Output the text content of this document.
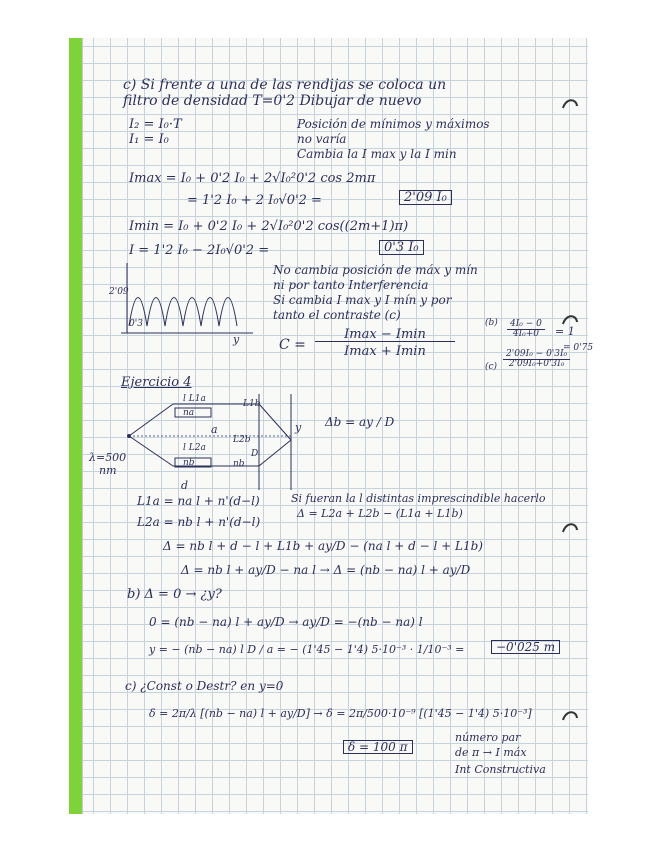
c) Si frente a una de las rendijas se coloca un
filtro de densidad T=0'2 Dibujar de nuevo
I₂ = I₀·T
I₁ = I₀
Posición de mínimos y máximos
no varía
Cambia la I max y la I min
Imax = I₀ + 0'2 I₀ + 2√I₀²0'2 cos 2mπ
= 1'2 I₀ + 2 I₀√0'2 =	2'09 I₀
Imin = I₀ + 0'2 I₀ + 2√I₀²0'2 cos((2m+1)π)
I = 1'2 I₀ − 2I₀√0'2 =	0'3 I₀
2'09
0'3
y
No cambia posición de máx y mín
ni por tanto Interferencia
Si cambia I max y I mín y por
tanto el contraste (c)
C =
Imax − Imin
Imax + Imin
(b)
(c)
$\frac{\text{4I₀ − 0}}{\text{4I₀+0}} = 1$
$\frac{\text{2'09I₀ − 0'3I₀}}{\text{2'09I₀+0'3I₀}}$
= 0'75
Ejercicio 4
l L1a
na
L1b
a	y
l L2a
nb	nb
L2b
D
d
λ=500
nm
Δb = ay / D
L1a = na l + n'(d−l)
L2a = nb l + n'(d−l)
Si fueran la l distintas imprescindible hacerlo
Δ = L2a + L2b − (L1a + L1b)
Δ = nb l + d − l + L1b + ay/D − (na l + d − l + L1b)
Δ = nb l + ay/D − na l → Δ = (nb − na) l + ay/D
b) Δ = 0 → ¿y?
0 = (nb − na) l + ay/D → ay/D = −(nb − na) l
y = − (nb − na) l D / a = − (1'45 − 1'4) 5·10⁻³ · 1/10⁻³ =	−0'025 m
c) ¿Const o Destr? en y=0
δ = 2π/λ [(nb − na) l + ay/D] → δ = 2π/500·10⁻⁹ [(1'45 − 1'4) 5·10⁻³]
δ = 100 π
número par
de π → I máx
Int Constructiva
